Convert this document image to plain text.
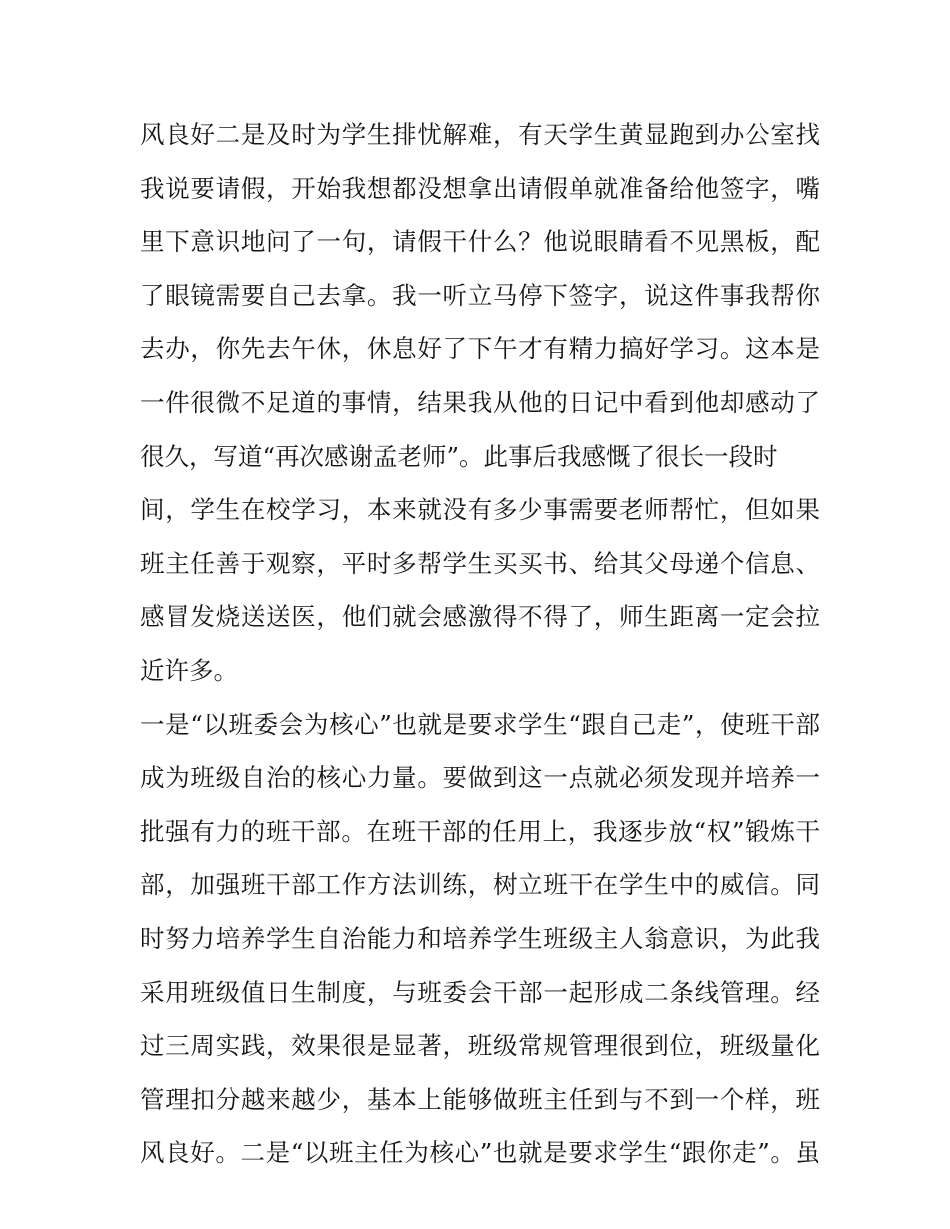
风良好二是及时为学生排忧解难，有天学生黄显跑到办公室找
我说要请假，开始我想都没想拿出请假单就准备给他签字，嘴
里下意识地问了一句，请假干什么？他说眼睛看不见黑板，配
了眼镜需要自己去拿。我一听立马停下签字，说这件事我帮你
去办，你先去午休，休息好了下午才有精力搞好学习。这本是
一件很微不足道的事情，结果我从他的日记中看到他却感动了
很久，写道“再次感谢孟老师”。此事后我感慨了很长一段时
间，学生在校学习，本来就没有多少事需要老师帮忙，但如果
班主任善于观察，平时多帮学生买买书、给其父母递个信息、
感冒发烧送送医，他们就会感激得不得了，师生距离一定会拉
近许多。
一是“以班委会为核心”也就是要求学生“跟自己走”，使班干部
成为班级自治的核心力量。要做到这一点就必须发现并培养一
批强有力的班干部。在班干部的任用上，我逐步放“权”锻炼干
部，加强班干部工作方法训练，树立班干在学生中的威信。同
时努力培养学生自治能力和培养学生班级主人翁意识，为此我
采用班级值日生制度，与班委会干部一起形成二条线管理。经
过三周实践，效果很是显著，班级常规管理很到位，班级量化
管理扣分越来越少，基本上能够做班主任到与不到一个样，班
风良好。二是“以班主任为核心”也就是要求学生“跟你走”。虽
